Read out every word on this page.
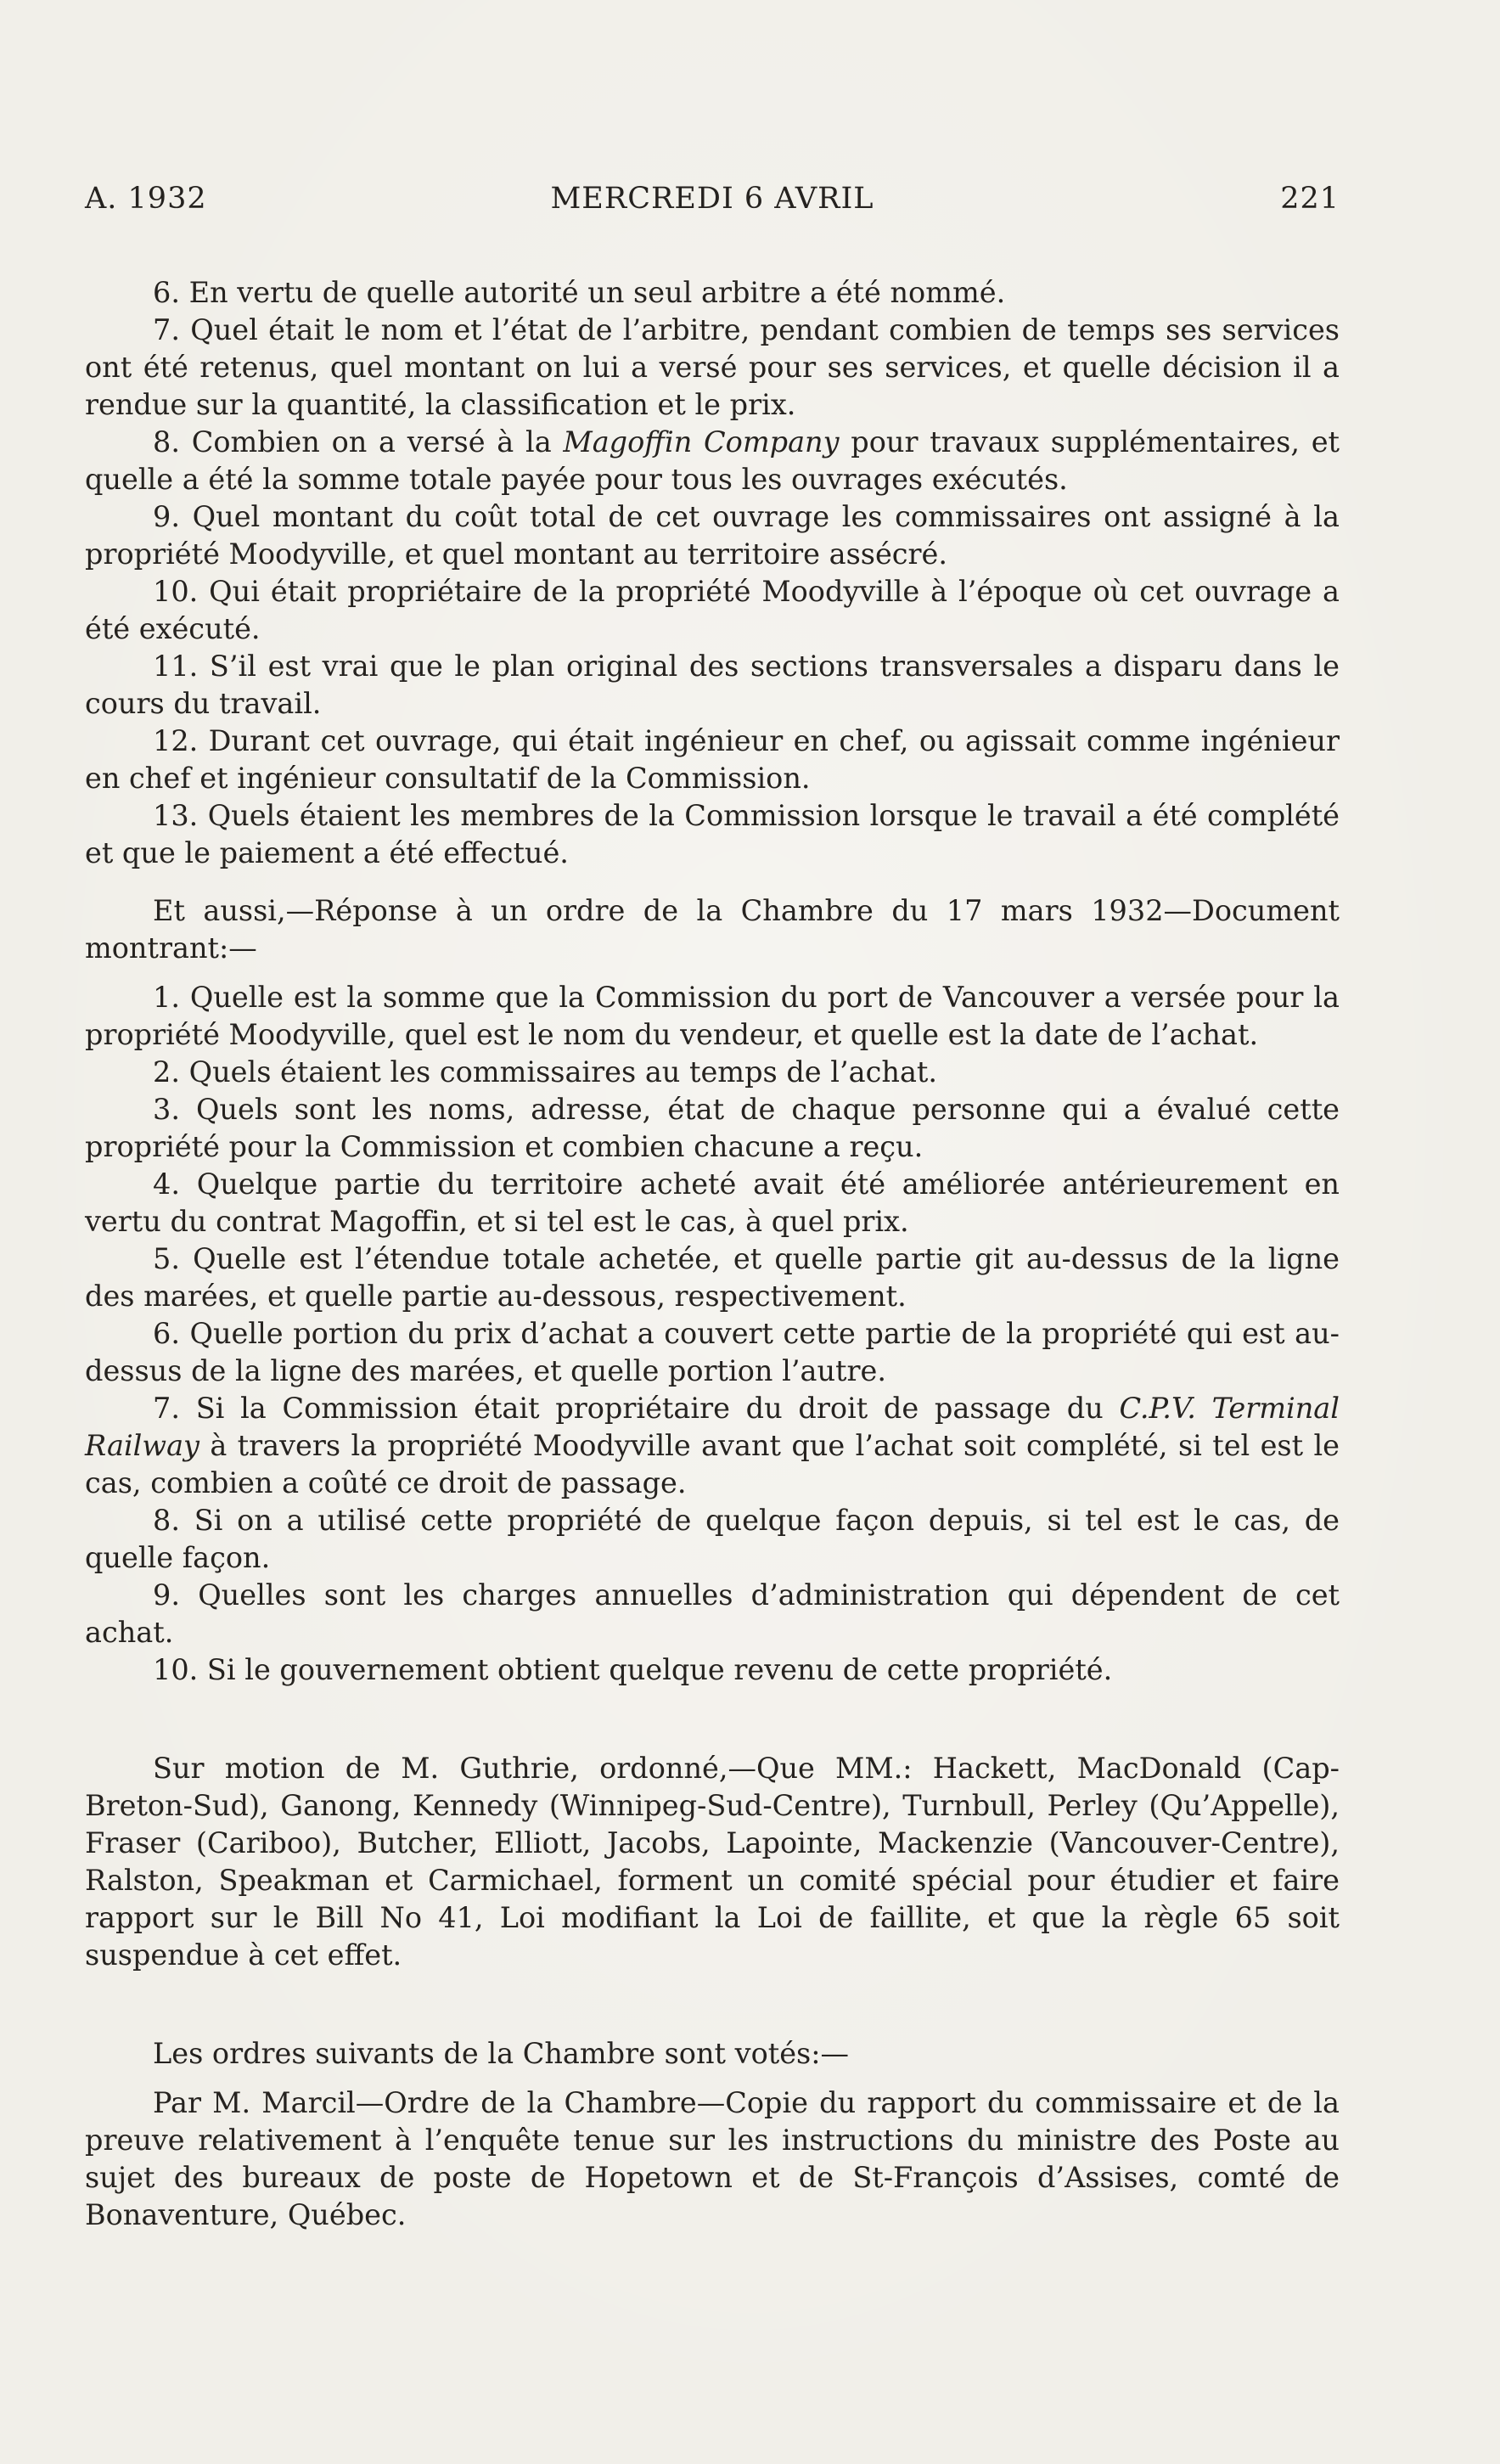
A. 1932	MERCREDI 6 AVRIL	221

6. En vertu de quelle autorité un seul arbitre a été nommé.

7. Quel était le nom et l’état de l’arbitre, pendant combien de temps ses services ont été retenus, quel montant on lui a versé pour ses services, et quelle décision il a rendue sur la quantité, la classification et le prix.

8. Combien on a versé à la Magoffin Company pour travaux supplémentaires, et quelle a été la somme totale payée pour tous les ouvrages exécutés.

9. Quel montant du coût total de cet ouvrage les commissaires ont assigné à la propriété Moodyville, et quel montant au territoire assécré.

10. Qui était propriétaire de la propriété Moodyville à l’époque où cet ouvrage a été exécuté.

11. S’il est vrai que le plan original des sections transversales a disparu dans le cours du travail.

12. Durant cet ouvrage, qui était ingénieur en chef, ou agissait comme ingénieur en chef et ingénieur consultatif de la Commission.

13. Quels étaient les membres de la Commission lorsque le travail a été complété et que le paiement a été effectué.

Et aussi,—Réponse à un ordre de la Chambre du 17 mars 1932—Document montrant:—

1. Quelle est la somme que la Commission du port de Vancouver a versée pour la propriété Moodyville, quel est le nom du vendeur, et quelle est la date de l’achat.

2. Quels étaient les commissaires au temps de l’achat.

3. Quels sont les noms, adresse, état de chaque personne qui a évalué cette propriété pour la Commission et combien chacune a reçu.

4. Quelque partie du territoire acheté avait été améliorée antérieurement en vertu du contrat Magoffin, et si tel est le cas, à quel prix.

5. Quelle est l’étendue totale achetée, et quelle partie git au-dessus de la ligne des marées, et quelle partie au-dessous, respectivement.

6. Quelle portion du prix d’achat a couvert cette partie de la propriété qui est au-dessus de la ligne des marées, et quelle portion l’autre.

7. Si la Commission était propriétaire du droit de passage du C.P.V. Terminal Railway à travers la propriété Moodyville avant que l’achat soit complété, si tel est le cas, combien a coûté ce droit de passage.

8. Si on a utilisé cette propriété de quelque façon depuis, si tel est le cas, de quelle façon.

9. Quelles sont les charges annuelles d’administration qui dépendent de cet achat.

10. Si le gouvernement obtient quelque revenu de cette propriété.

Sur motion de M. Guthrie, ordonné,—Que MM.: Hackett, MacDonald (Cap-Breton-Sud), Ganong, Kennedy (Winnipeg-Sud-Centre), Turnbull, Perley (Qu’Appelle), Fraser (Cariboo), Butcher, Elliott, Jacobs, Lapointe, Mackenzie (Vancouver-Centre), Ralston, Speakman et Carmichael, forment un comité spécial pour étudier et faire rapport sur le Bill No 41, Loi modifiant la Loi de faillite, et que la règle 65 soit suspendue à cet effet.

Les ordres suivants de la Chambre sont votés:—

Par M. Marcil—Ordre de la Chambre—Copie du rapport du commissaire et de la preuve relativement à l’enquête tenue sur les instructions du ministre des Poste au sujet des bureaux de poste de Hopetown et de St-François d’Assises, comté de Bonaventure, Québec.
